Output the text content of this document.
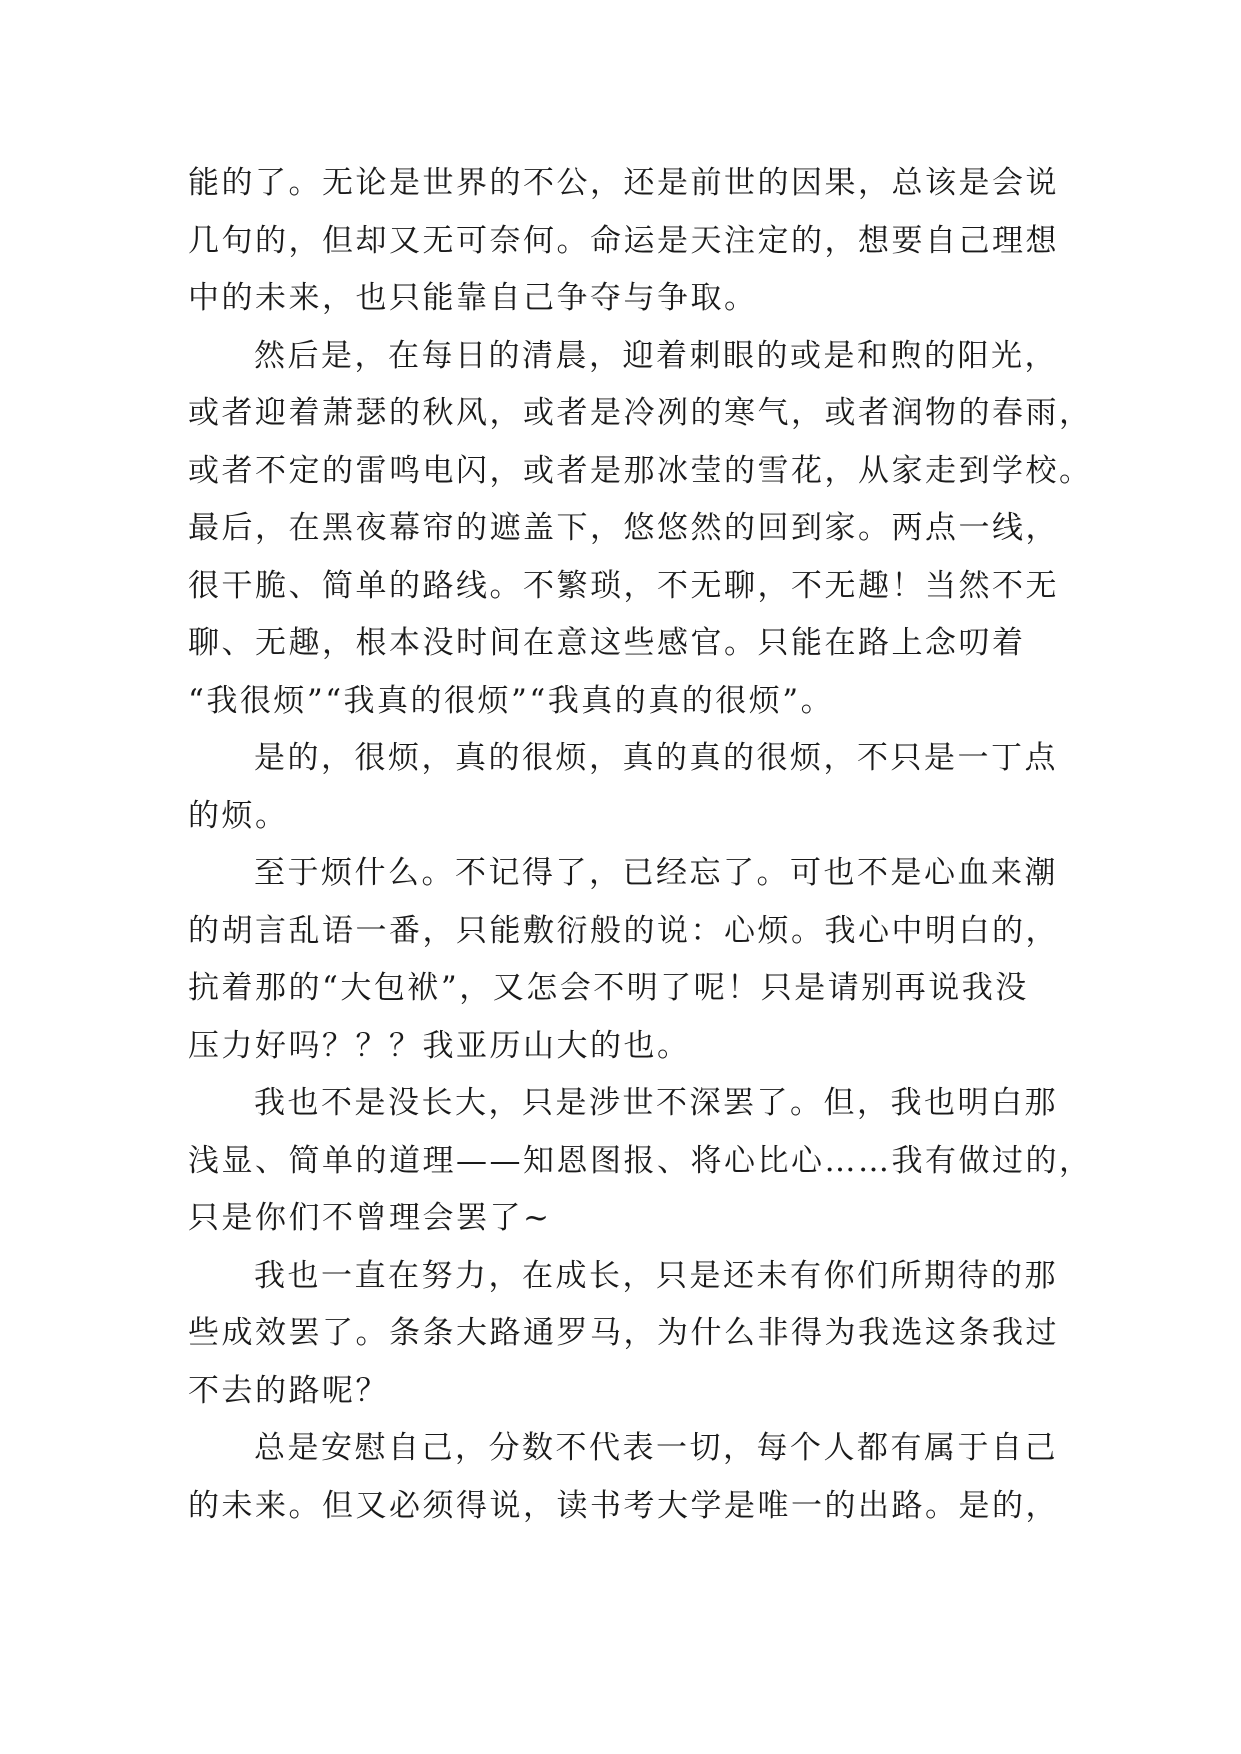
能的了。无论是世界的不公，还是前世的因果，总该是会说
几句的，但却又无可奈何。命运是天注定的，想要自己理想
中的未来，也只能靠自己争夺与争取。
然后是，在每日的清晨，迎着刺眼的或是和煦的阳光，
或者迎着萧瑟的秋风，或者是冷冽的寒气，或者润物的春雨，
或者不定的雷鸣电闪，或者是那冰莹的雪花，从家走到学校。
最后，在黑夜幕帘的遮盖下，悠悠然的回到家。两点一线，
很干脆、简单的路线。不繁琐，不无聊，不无趣！当然不无
聊、无趣，根本没时间在意这些感官。只能在路上念叨着
“我很烦”“我真的很烦”“我真的真的很烦”。
是的，很烦，真的很烦，真的真的很烦，不只是一丁点
的烦。
至于烦什么。不记得了，已经忘了。可也不是心血来潮
的胡言乱语一番，只能敷衍般的说：心烦。我心中明白的，
抗着那的“大包袱”，又怎会不明了呢！只是请别再说我没
压力好吗？？？我亚历山大的也。
我也不是没长大，只是涉世不深罢了。但，我也明白那
浅显、简单的道理——知恩图报、将心比心……我有做过的，
只是你们不曾理会罢了~
我也一直在努力，在成长，只是还未有你们所期待的那
些成效罢了。条条大路通罗马，为什么非得为我选这条我过
不去的路呢？
总是安慰自己，分数不代表一切，每个人都有属于自己
的未来。但又必须得说，读书考大学是唯一的出路。是的，
